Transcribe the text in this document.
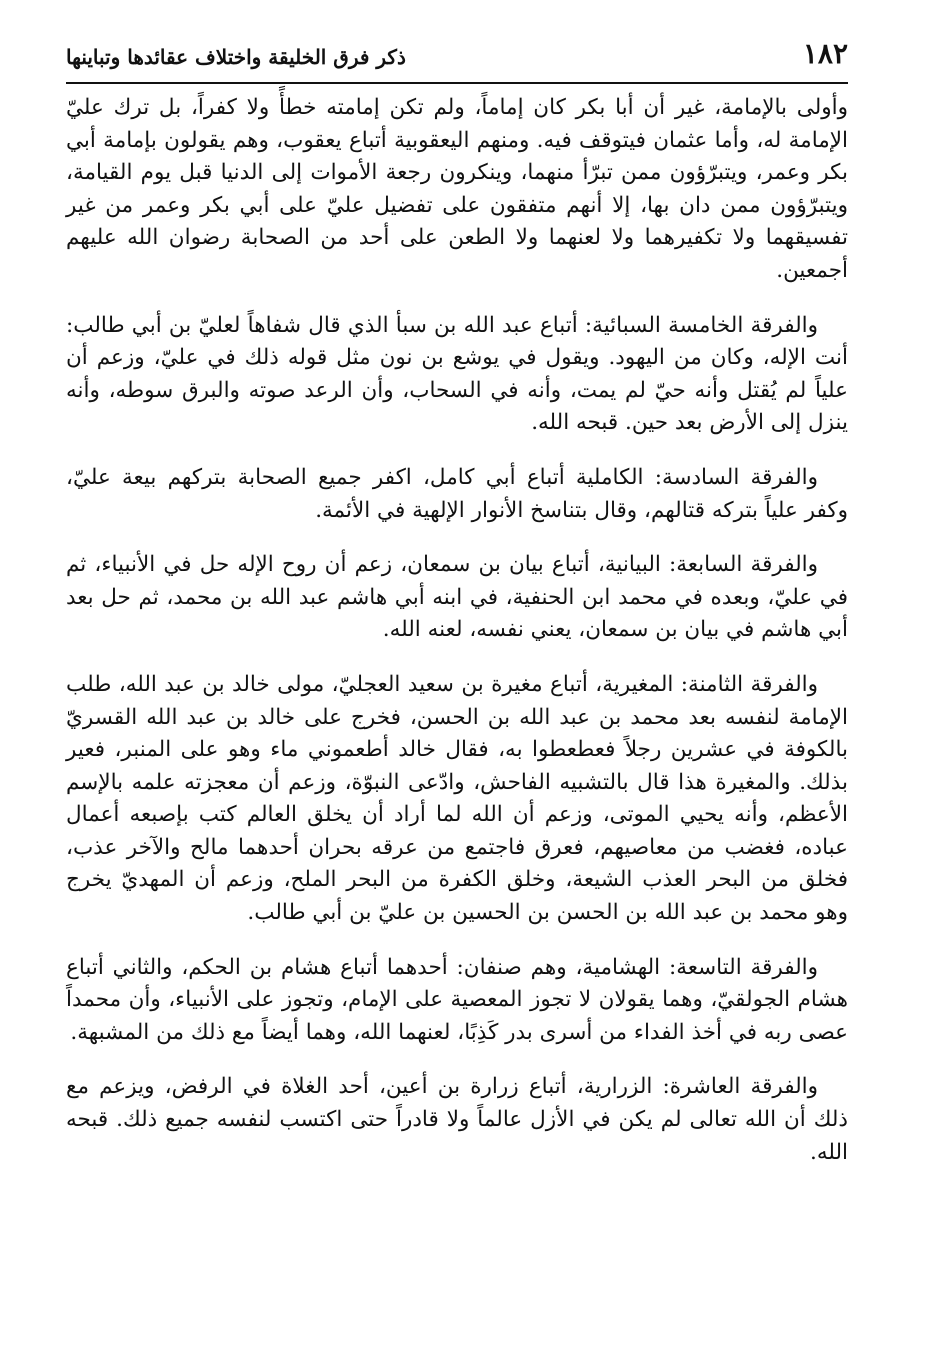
١٨٢
ذكر فرق الخليقة واختلاف عقائدها وتباينها

وأولى بالإمامة، غير أن أبا بكر كان إماماً، ولم تكن إمامته خطأً ولا كفراً، بل ترك عليّ الإمامة له، وأما عثمان فيتوقف فيه. ومنهم اليعقوبية أتباع يعقوب، وهم يقولون بإمامة أبي بكر وعمر، ويتبرّؤون ممن تبرّأ منهما، وينكرون رجعة الأموات إلى الدنيا قبل يوم القيامة، ويتبرّؤون ممن دان بها، إلا أنهم متفقون على تفضيل عليّ على أبي بكر وعمر من غير تفسيقهما ولا تكفيرهما ولا لعنهما ولا الطعن على أحد من الصحابة رضوان الله عليهم أجمعين.

والفرقة الخامسة السبائية: أتباع عبد الله بن سبأ الذي قال شفاهاً لعليّ بن أبي طالب: أنت الإله، وكان من اليهود. ويقول في يوشع بن نون مثل قوله ذلك في عليّ، وزعم أن علياً لم يُقتل وأنه حيّ لم يمت، وأنه في السحاب، وأن الرعد صوته والبرق سوطه، وأنه ينزل إلى الأرض بعد حين. قبحه الله.

والفرقة السادسة: الكاملية أتباع أبي كامل، اكفر جميع الصحابة بتركهم بيعة عليّ، وكفر علياً بتركه قتالهم، وقال بتناسخ الأنوار الإلهية في الأئمة.

والفرقة السابعة: البيانية، أتباع بيان بن سمعان، زعم أن روح الإله حل في الأنبياء، ثم في عليّ، وبعده في محمد ابن الحنفية، في ابنه أبي هاشم عبد الله بن محمد، ثم حل بعد أبي هاشم في بيان بن سمعان، يعني نفسه، لعنه الله.

والفرقة الثامنة: المغيرية، أتباع مغيرة بن سعيد العجليّ، مولى خالد بن عبد الله، طلب الإمامة لنفسه بعد محمد بن عبد الله بن الحسن، فخرج على خالد بن عبد الله القسريّ بالكوفة في عشرين رجلاً فعطعطوا به، فقال خالد أطعموني ماء وهو على المنبر، فعير بذلك. والمغيرة هذا قال بالتشبيه الفاحش، وادّعى النبوّة، وزعم أن معجزته علمه بالإسم الأعظم، وأنه يحيي الموتى، وزعم أن الله لما أراد أن يخلق العالم كتب بإصبعه أعمال عباده، فغضب من معاصيهم، فعرق فاجتمع من عرقه بحران أحدهما مالح والآخر عذب، فخلق من البحر العذب الشيعة، وخلق الكفرة من البحر الملح، وزعم أن المهديّ يخرج وهو محمد بن عبد الله بن الحسن بن الحسين بن عليّ بن أبي طالب.

والفرقة التاسعة: الهشامية، وهم صنفان: أحدهما أتباع هشام بن الحكم، والثاني أتباع هشام الجولقيّ، وهما يقولان لا تجوز المعصية على الإمام، وتجوز على الأنبياء، وأن محمداً عصى ربه في أخذ الفداء من أسرى بدر كَذِبًا، لعنهما الله، وهما أيضاً مع ذلك من المشبهة.

والفرقة العاشرة: الزرارية، أتباع زرارة بن أعين، أحد الغلاة في الرفض، ويزعم مع ذلك أن الله تعالى لم يكن في الأزل عالماً ولا قادراً حتى اكتسب لنفسه جميع ذلك. قبحه الله.
